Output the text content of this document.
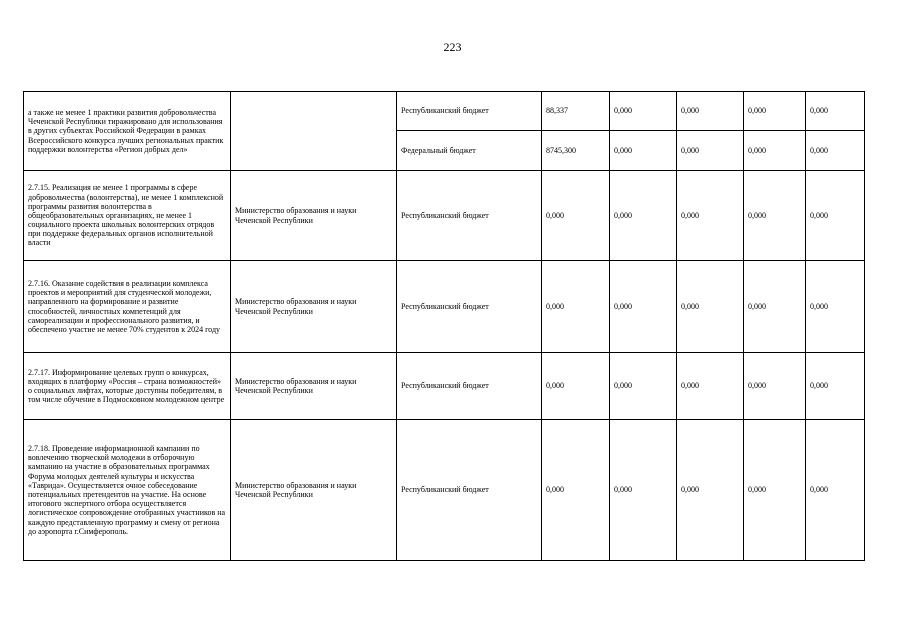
223
а также не менее 1 практики развития добровольчества Чеченской Республики тиражировано для использования в других субъектах Российской Федерации в рамках Всероссийского конкурса лучших региональных практик поддержки волонтерства «Регион добрых дел»		Республиканский бюджет	88,337	0,000	0,000	0,000	0,000
		Федеральный бюджет	8745,300	0,000	0,000	0,000	0,000
2.7.15. Реализация не менее 1 программы в сфере добровольчества (волонтерства), не менее 1 комплексной программы развития волонтерства в общеобразовательных организациях, не менее 1 социального проекта школьных волонтерских отрядов при поддержке федеральных органов исполнительной власти	Министерство образования и науки Чеченской Республики	Республиканский бюджет	0,000	0,000	0,000	0,000	0,000
2.7.16. Оказание содействия в реализации комплекса проектов и мероприятий для студенческой молодежи, направленного на формирование и развитие способностей, личностных компетенций для самореализации и профессионального развития, и обеспечено участие не менее 70% студентов к 2024 году	Министерство образования и науки Чеченской Республики	Республиканский бюджет	0,000	0,000	0,000	0,000	0,000
2.7.17. Информирование целевых групп о конкурсах, входящих в платформу «Россия – страна возможностей» о социальных лифтах, которые доступны победителям, в том числе обучение в Подмосковном молодежном центре	Министерство образования и науки Чеченской Республики	Республиканский бюджет	0,000	0,000	0,000	0,000	0,000
2.7.18. Проведение информационной кампании по вовлечению творческой молодежи в отборочную кампанию на участие в образовательных программах Форума молодых деятелей культуры и искусства «Таврида». Осуществляется очное собеседование потенциальных претендентов на участие. На основе итогового экспертного отбора осуществляется логистическое сопровождение отобранных участников на каждую представленную программу и смену от региона до аэропорта г.Симферополь.	Министерство образования и науки Чеченской Республики	Республиканский бюджет	0,000	0,000	0,000	0,000	0,000
